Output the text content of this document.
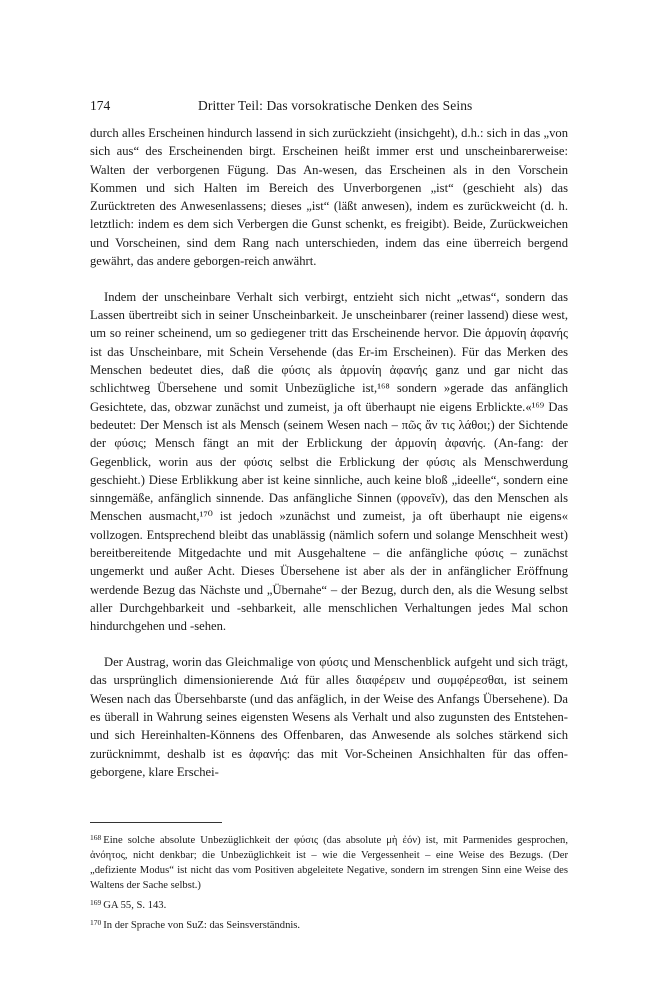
174	Dritter Teil: Das vorsokratische Denken des Seins

durch alles Erscheinen hindurch lassend in sich zurückzieht (insichgeht), d.h.: sich in das „von sich aus“ des Erscheinenden birgt. Erscheinen heißt immer erst und unscheinbarerweise: Walten der verborgenen Fügung. Das An-wesen, das Erscheinen als in den Vorschein Kommen und sich Halten im Bereich des Unverborgenen „ist“ (geschieht als) das Zurücktreten des Anwesenlassens; dieses „ist“ (läßt anwesen), indem es zurückweicht (d. h. letztlich: indem es dem sich Verbergen die Gunst schenkt, es freigibt). Beide, Zurückweichen und Vorscheinen, sind dem Rang nach unterschieden, indem das eine überreich bergend gewährt, das andere geborgen-reich anwährt.

Indem der unscheinbare Verhalt sich verbirgt, entzieht sich nicht „etwas“, sondern das Lassen übertreibt sich in seiner Unscheinbarkeit. Je unscheinbarer (reiner lassend) diese west, um so reiner scheinend, um so gediegener tritt das Erscheinende hervor. Die ἁρμονίη ἀφανής ist das Unscheinbare, mit Schein Versehende (das Er-im Erscheinen). Für das Merken des Menschen bedeutet dies, daß die φύσις als ἁρμονίη ἀφανής ganz und gar nicht das schlichtweg Übersehene und somit Unbezügliche ist,¹⁶⁸ sondern »gerade das anfänglich Gesichtete, das, obzwar zunächst und zumeist, ja oft überhaupt nie eigens Erblickte.«¹⁶⁹ Das bedeutet: Der Mensch ist als Mensch (seinem Wesen nach – πῶς ἄν τις λάθοι;) der Sichtende der φύσις; Mensch fängt an mit der Erblickung der ἁρμονίη ἀφανής. (An-fang: der Gegenblick, worin aus der φύσις selbst die Erblickung der φύσις als Menschwerdung geschieht.) Diese Erblikkung aber ist keine sinnliche, auch keine bloß „ideelle“, sondern eine sinngemäße, anfänglich sinnende. Das anfängliche Sinnen (φρονεῖν), das den Menschen als Menschen ausmacht,¹⁷⁰ ist jedoch »zunächst und zumeist, ja oft überhaupt nie eigens« vollzogen. Entsprechend bleibt das unablässig (nämlich sofern und solange Menschheit west) bereitbereitende Mitgedachte und mit Ausgehaltene – die anfängliche φύσις – zunächst ungemerkt und außer Acht. Dieses Übersehene ist aber als der in anfänglicher Eröffnung werdende Bezug das Nächste und „Übernahe“ – der Bezug, durch den, als die Wesung selbst aller Durchgehbarkeit und -sehbarkeit, alle menschlichen Verhaltungen jedes Mal schon hindurchgehen und -sehen.

Der Austrag, worin das Gleichmalige von φύσις und Menschenblick aufgeht und sich trägt, das ursprünglich dimensionierende Διά für alles διαφέρειν und συμφέρεσθαι, ist seinem Wesen nach das Übersehbarste (und das anfäglich, in der Weise des Anfangs Übersehene). Da es überall in Wahrung seines eigensten Wesens als Verhalt und also zugunsten des Entstehen- und sich Hereinhalten-Könnens des Offenbaren, das Anwesende als solches stärkend sich zurücknimmt, deshalb ist es ἀφανής: das mit Vor-Scheinen Ansichhalten für das offen-geborgene, klare Erschei-

$^{168}$ Eine solche absolute Unbezüglichkeit der φύσις (das absolute μὴ ἐόν) ist, mit Parmenides gesprochen, ἀνόητος, nicht denkbar; die Unbezüglichkeit ist – wie die Vergessenheit – eine Weise des Bezugs. (Der „defiziente Modus“ ist nicht das vom Positiven abgeleitete Negative, sondern im strengen Sinn eine Weise des Waltens der Sache selbst.)

$^{169}$ GA 55, S. 143.

$^{170}$ In der Sprache von SuZ: das Seinsverständnis.
